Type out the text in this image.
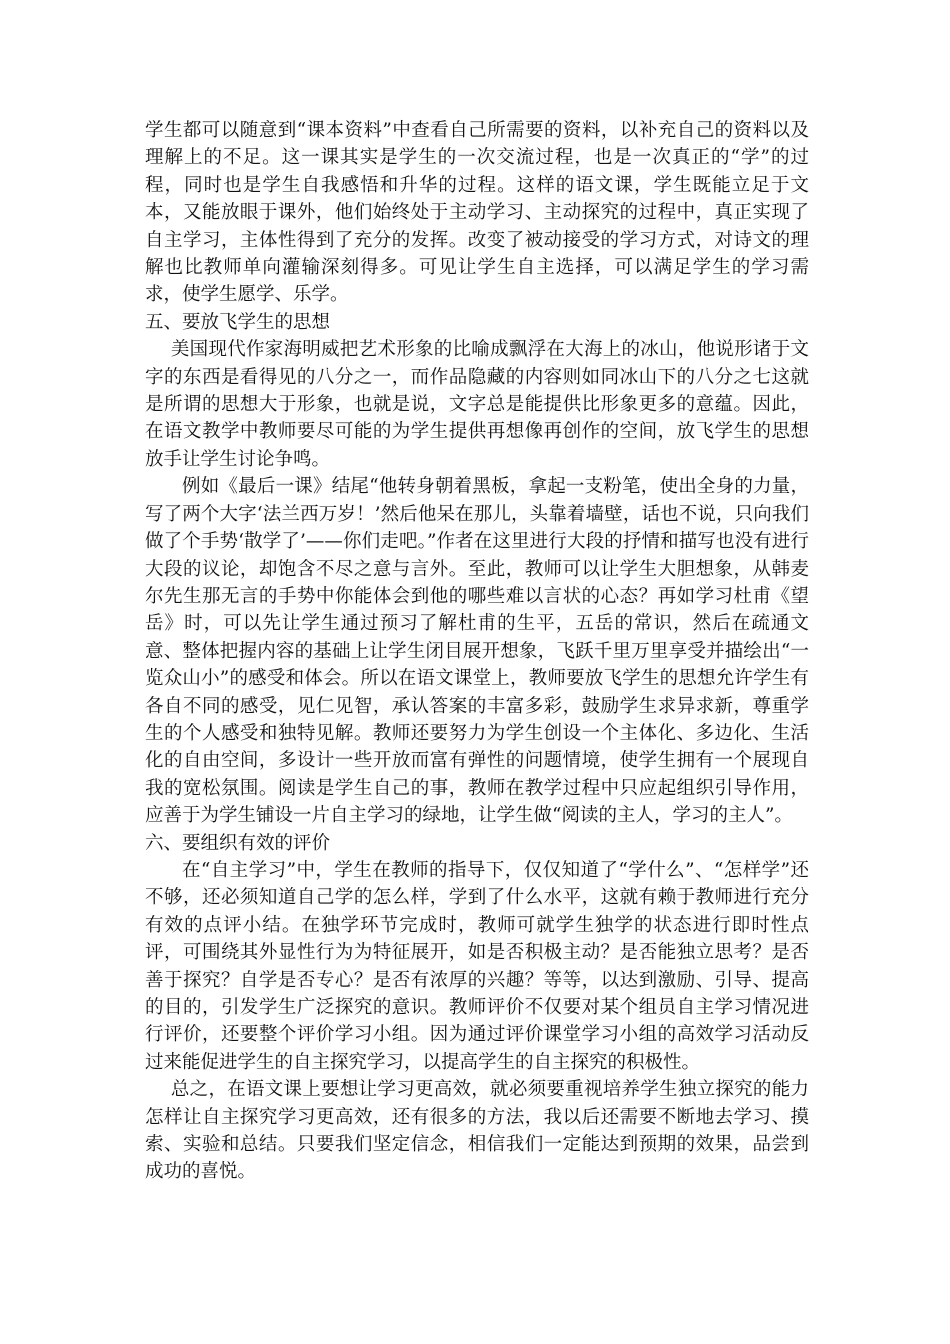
学生都可以随意到“课本资料”中查看自己所需要的资料，以补充自己的资料以及理解上的不足。这一课其实是学生的一次交流过程，也是一次真正的“学”的过程，同时也是学生自我感悟和升华的过程。这样的语文课，学生既能立足于文本，又能放眼于课外，他们始终处于主动学习、主动探究的过程中，真正实现了自主学习，主体性得到了充分的发挥。改变了被动接受的学习方式，对诗文的理解也比教师单向灌输深刻得多。可见让学生自主选择，可以满足学生的学习需求，使学生愿学、乐学。

五、要放飞学生的思想

美国现代作家海明威把艺术形象的比喻成飘浮在大海上的冰山，他说形诸于文字的东西是看得见的八分之一，而作品隐藏的内容则如同冰山下的八分之七这就是所谓的思想大于形象，也就是说，文字总是能提供比形象更多的意蕴。因此，在语文教学中教师要尽可能的为学生提供再想像再创作的空间，放飞学生的思想放手让学生讨论争鸣。

例如《最后一课》结尾“他转身朝着黑板，拿起一支粉笔，使出全身的力量，写了两个大字‘法兰西万岁！’然后他呆在那儿，头靠着墙壁，话也不说，只向我们做了个手势‘散学了’——你们走吧。”作者在这里进行大段的抒情和描写也没有进行大段的议论，却饱含不尽之意与言外。至此，教师可以让学生大胆想象，从韩麦尔先生那无言的手势中你能体会到他的哪些难以言状的心态？再如学习杜甫《望岳》时，可以先让学生通过预习了解杜甫的生平，五岳的常识，然后在疏通文意、整体把握内容的基础上让学生闭目展开想象，飞跃千里万里享受并描绘出“一览众山小”的感受和体会。所以在语文课堂上，教师要放飞学生的思想允许学生有各自不同的感受，见仁见智，承认答案的丰富多彩，鼓励学生求异求新，尊重学生的个人感受和独特见解。教师还要努力为学生创设一个主体化、多边化、生活化的自由空间，多设计一些开放而富有弹性的问题情境，使学生拥有一个展现自我的宽松氛围。阅读是学生自己的事，教师在教学过程中只应起组织引导作用，应善于为学生铺设一片自主学习的绿地，让学生做“阅读的主人，学习的主人”。

六、要组织有效的评价

在“自主学习”中，学生在教师的指导下，仅仅知道了“学什么”、“怎样学”还不够，还必须知道自己学的怎么样，学到了什么水平，这就有赖于教师进行充分有效的点评小结。在独学环节完成时，教师可就学生独学的状态进行即时性点评，可围绕其外显性行为为特征展开，如是否积极主动？是否能独立思考？是否善于探究？自学是否专心？是否有浓厚的兴趣？等等，以达到激励、引导、提高的目的，引发学生广泛探究的意识。教师评价不仅要对某个组员自主学习情况进行评价，还要整个评价学习小组。因为通过评价课堂学习小组的高效学习活动反过来能促进学生的自主探究学习，以提高学生的自主探究的积极性。

总之，在语文课上要想让学习更高效，就必须要重视培养学生独立探究的能力怎样让自主探究学习更高效，还有很多的方法，我以后还需要不断地去学习、摸索、实验和总结。只要我们坚定信念，相信我们一定能达到预期的效果，品尝到成功的喜悦。
